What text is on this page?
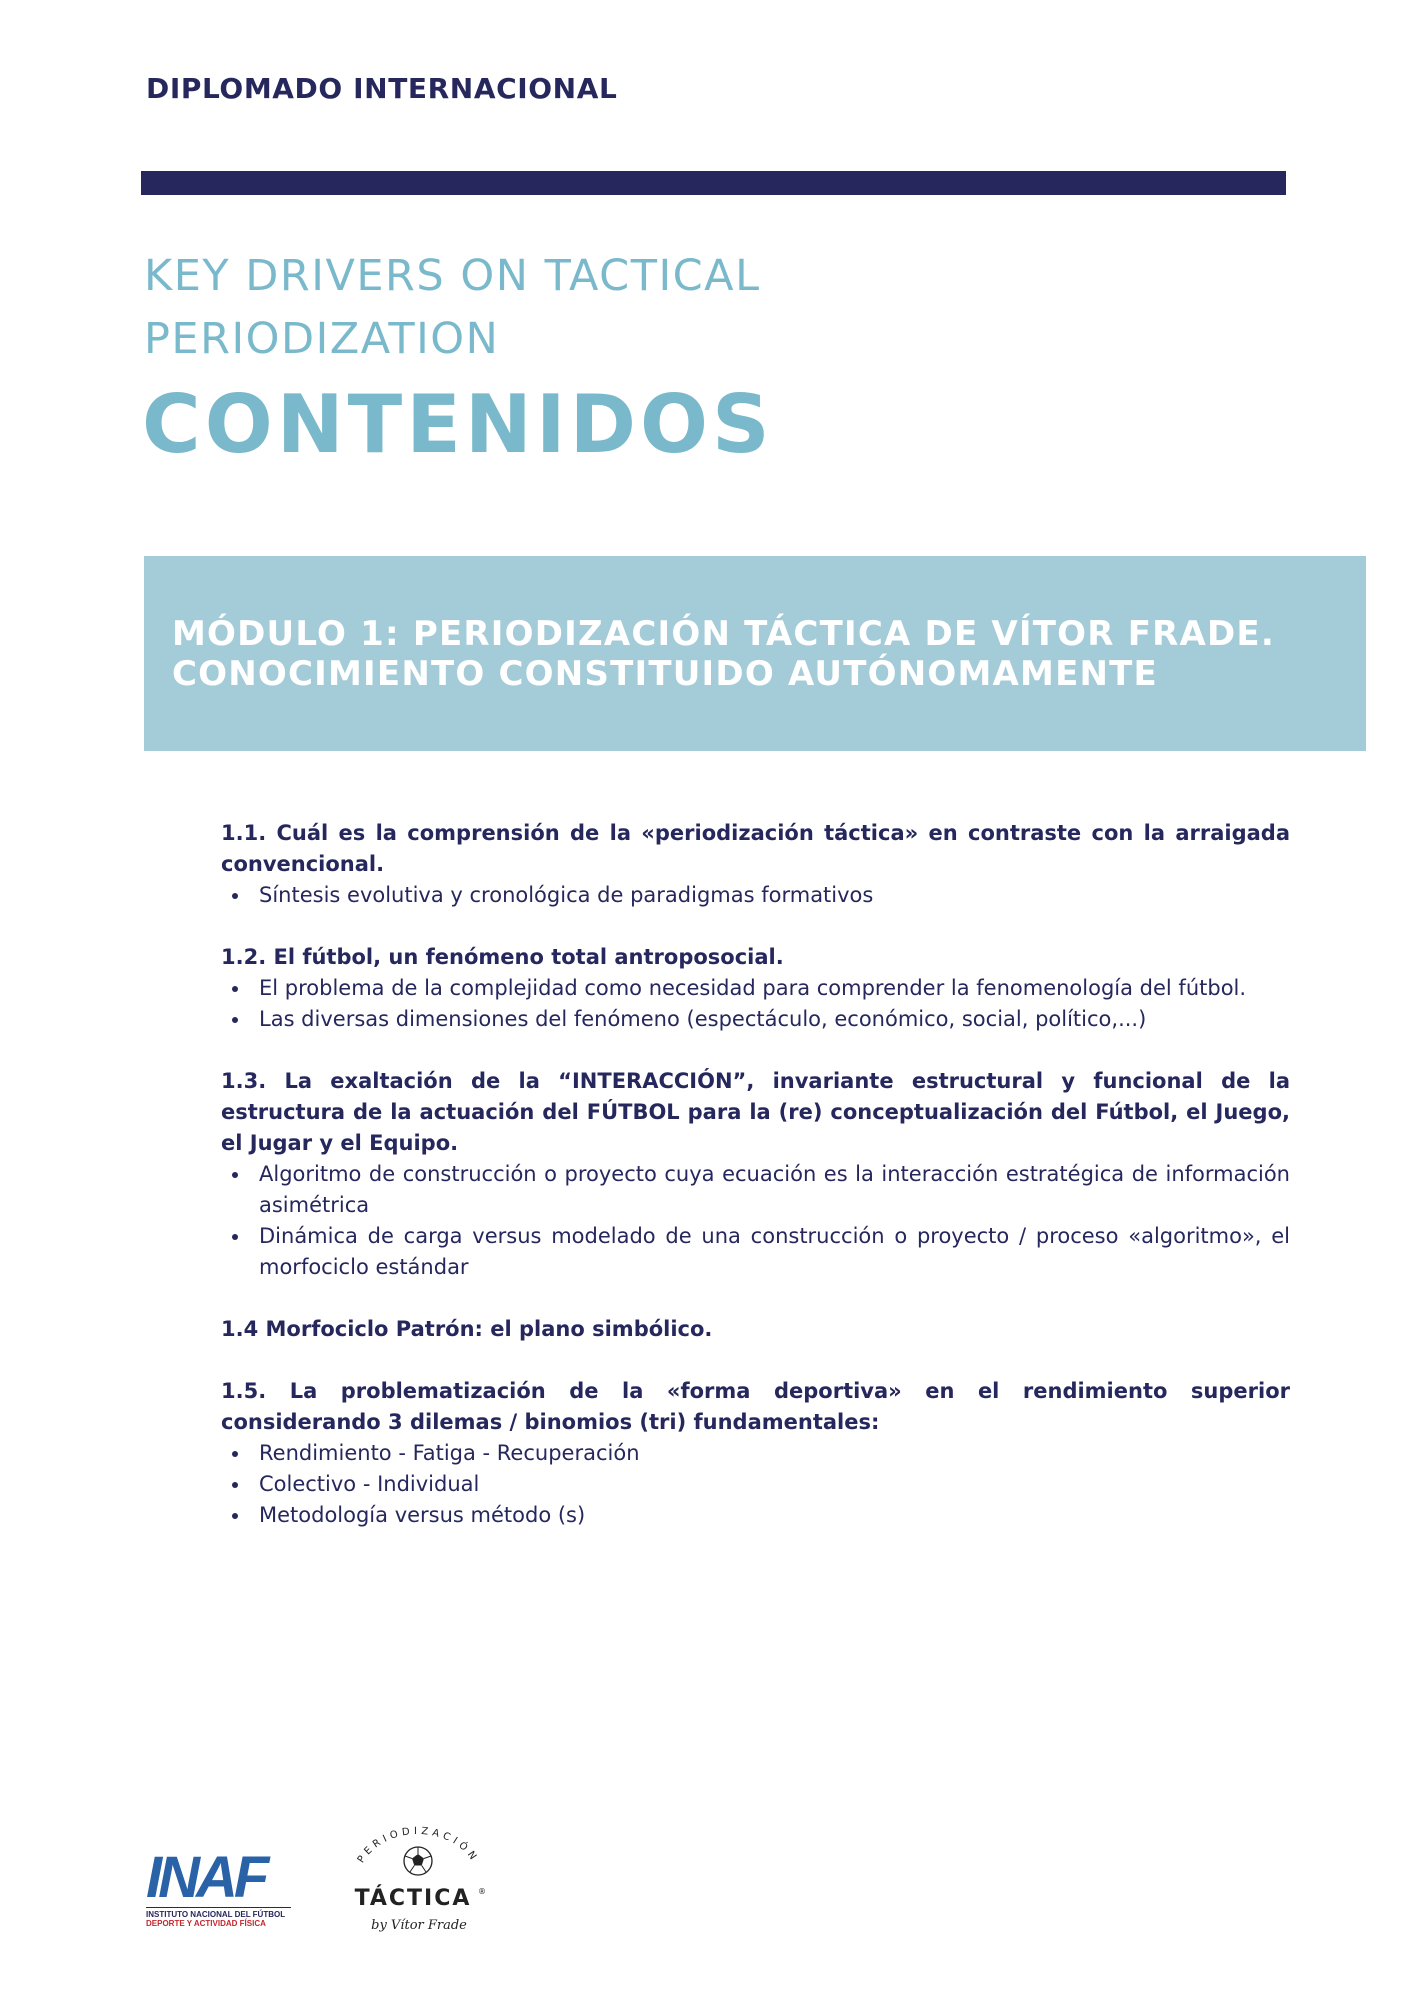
DIPLOMADO INTERNACIONAL
KEY DRIVERS ON TACTICAL PERIODIZATION
CONTENIDOS
MÓDULO 1: PERIODIZACIÓN TÁCTICA DE VÍTOR FRADE.
CONOCIMIENTO CONSTITUIDO AUTÓNOMAMENTE

1.1. Cuál es la comprensión de la «periodización táctica» en contraste con la arraigada convencional.

Síntesis evolutiva y cronológica de paradigmas formativos

1.2. El fútbol, un fenómeno total antroposocial.

El problema de la complejidad como necesidad para comprender la fenomenología del fútbol.
Las diversas dimensiones del fenómeno (espectáculo, económico, social, político,...)

1.3. La exaltación de la “INTERACCIÓN”, invariante estructural y funcional de la estructura de la actuación del FÚTBOL para la (re) conceptualización del Fútbol, el Juego, el Jugar y el Equipo.

Algoritmo de construcción o proyecto cuya ecuación es la interacción estratégica de información asimétrica
Dinámica de carga versus modelado de una construcción o proyecto / proceso «algoritmo», el morfociclo estándar

1.4 Morfociclo Patrón: el plano simbólico.

1.5. La problematización de la «forma deportiva» en el rendimiento superior considerando 3 dilemas / binomios (tri) fundamentales:

Rendimiento - Fatiga - Recuperación
Colectivo - Individual
Metodología versus método (s)
INAF
INSTITUTO NACIONAL DEL FÚTBOL
DEPORTE Y ACTIVIDAD FÍSICA
PERIODIZACIÓN
TÁCTICA ®
by Vítor Frade
